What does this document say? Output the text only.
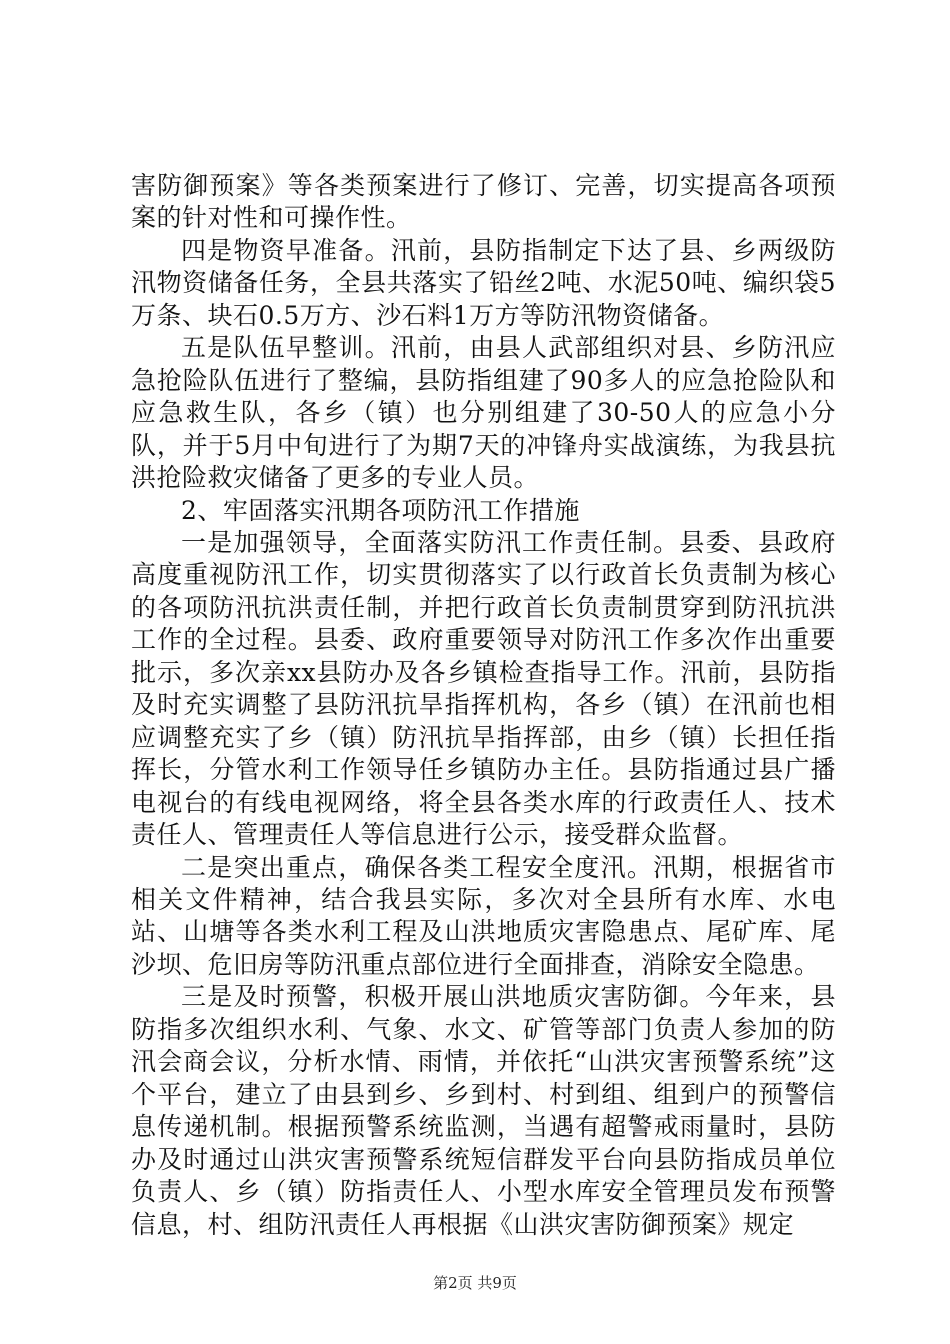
害防御预案》等各类预案进行了修订、完善，切实提高各项预案的针对性和可操作性。

四是物资早准备。汛前，县防指制定下达了县、乡两级防汛物资储备任务，全县共落实了铅丝2吨、水泥50吨、编织袋5万条、块石0.5万方、沙石料1万方等防汛物资储备。

五是队伍早整训。汛前，由县人武部组织对县、乡防汛应急抢险队伍进行了整编，县防指组建了90多人的应急抢险队和应急救生队，各乡（镇）也分别组建了30-50人的应急小分队，并于5月中旬进行了为期7天的冲锋舟实战演练，为我县抗洪抢险救灾储备了更多的专业人员。

2、牢固落实汛期各项防汛工作措施

一是加强领导，全面落实防汛工作责任制。县委、县政府高度重视防汛工作，切实贯彻落实了以行政首长负责制为核心的各项防汛抗洪责任制，并把行政首长负责制贯穿到防汛抗洪工作的全过程。县委、政府重要领导对防汛工作多次作出重要批示，多次亲xx县防办及各乡镇检查指导工作。汛前，县防指及时充实调整了县防汛抗旱指挥机构，各乡（镇）在汛前也相应调整充实了乡（镇）防汛抗旱指挥部，由乡（镇）长担任指挥长，分管水利工作领导任乡镇防办主任。县防指通过县广播电视台的有线电视网络，将全县各类水库的行政责任人、技术责任人、管理责任人等信息进行公示，接受群众监督。

二是突出重点，确保各类工程安全度汛。汛期，根据省市相关文件精神，结合我县实际，多次对全县所有水库、水电站、山塘等各类水利工程及山洪地质灾害隐患点、尾矿库、尾沙坝、危旧房等防汛重点部位进行全面排查，消除安全隐患。

三是及时预警，积极开展山洪地质灾害防御。今年来，县防指多次组织水利、气象、水文、矿管等部门负责人参加的防汛会商会议，分析水情、雨情，并依托“山洪灾害预警系统”这个平台，建立了由县到乡、乡到村、村到组、组到户的预警信息传递机制。根据预警系统监测，当遇有超警戒雨量时，县防办及时通过山洪灾害预警系统短信群发平台向县防指成员单位负责人、乡（镇）防指责任人、小型水库安全管理员发布预警信息，村、组防汛责任人再根据《山洪灾害防御预案》规定

第2页 共9页
